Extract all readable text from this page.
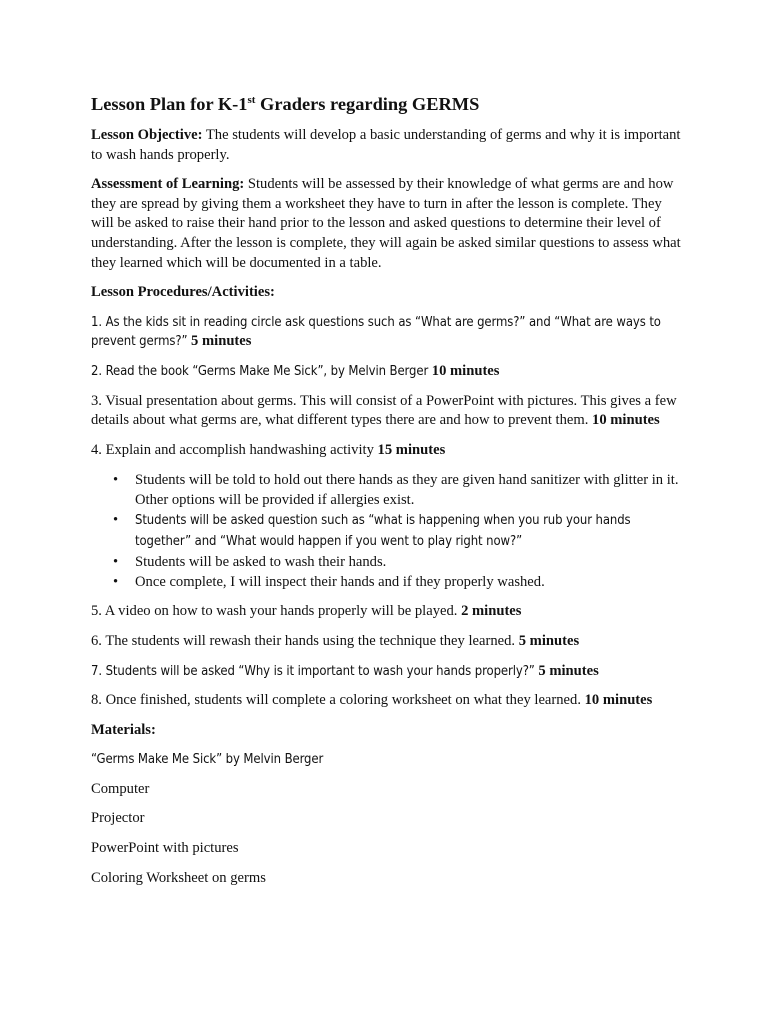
Lesson Plan for K-1st Graders regarding GERMS

Lesson Objective: The students will develop a basic understanding of germs and why it is important to wash hands properly.

Assessment of Learning: Students will be assessed by their knowledge of what germs are and how they are spread by giving them a worksheet they have to turn in after the lesson is complete. They will be asked to raise their hand prior to the lesson and asked questions to determine their level of understanding. After the lesson is complete, they will again be asked similar questions to assess what they learned which will be documented in a table.

Lesson Procedures/Activities:

1. As the kids sit in reading circle ask questions such as “What are germs?” and “What are ways to prevent germs?” 5 minutes

2. Read the book “Germs Make Me Sick”, by Melvin Berger 10 minutes

3. Visual presentation about germs. This will consist of a PowerPoint with pictures. This gives a few details about what germs are, what different types there are and how to prevent them. 10 minutes

4. Explain and accomplish handwashing activity 15 minutes

• Students will be told to hold out there hands as they are given hand sanitizer with glitter in it. Other options will be provided if allergies exist.
• Students will be asked question such as “what is happening when you rub your hands together” and “What would happen if you went to play right now?”
• Students will be asked to wash their hands.
• Once complete, I will inspect their hands and if they properly washed.

5. A video on how to wash your hands properly will be played. 2 minutes

6. The students will rewash their hands using the technique they learned. 5 minutes

7. Students will be asked “Why is it important to wash your hands properly?” 5 minutes

8. Once finished, students will complete a coloring worksheet on what they learned. 10 minutes

Materials:

“Germs Make Me Sick” by Melvin Berger

Computer

Projector

PowerPoint with pictures

Coloring Worksheet on germs
